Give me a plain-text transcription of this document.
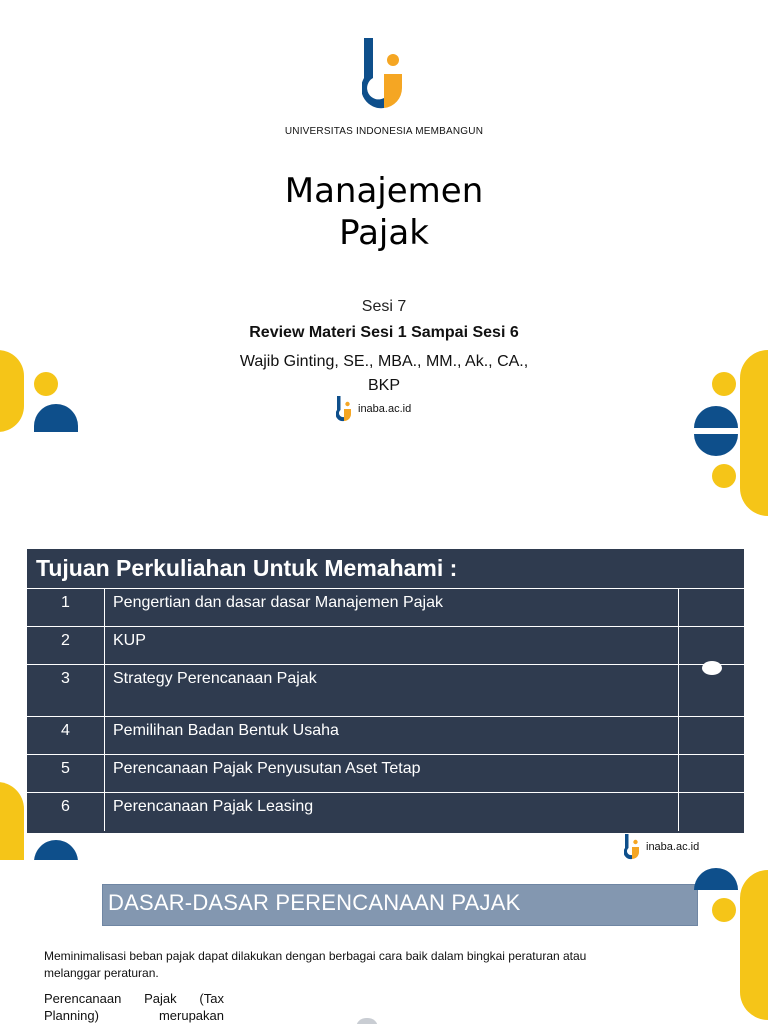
UNIVERSITAS INDONESIA MEMBANGUN
Manajemen
Pajak
Sesi 7
Review Materi Sesi 1 Sampai Sesi 6
Wajib Ginting, SE., MBA., MM., Ak., CA.,
BKP
inaba.ac.id
Tujuan Perkuliahan Untuk Memahami :
1	Pengertian dan dasar dasar Manajemen Pajak
2	KUP
3	Strategy Perencanaan Pajak
4	Pemilihan Badan Bentuk Usaha
5	Perencanaan Pajak Penyusutan Aset Tetap
6	Perencanaan Pajak Leasing
inaba.ac.id
DASAR-DASAR PERENCANAAN PAJAK
Meminimalisasi beban pajak dapat dilakukan dengan berbagai cara baik dalam bingkai peraturan atau melanggar peraturan.
Perencanaan Pajak (Tax Planning) merupakan
